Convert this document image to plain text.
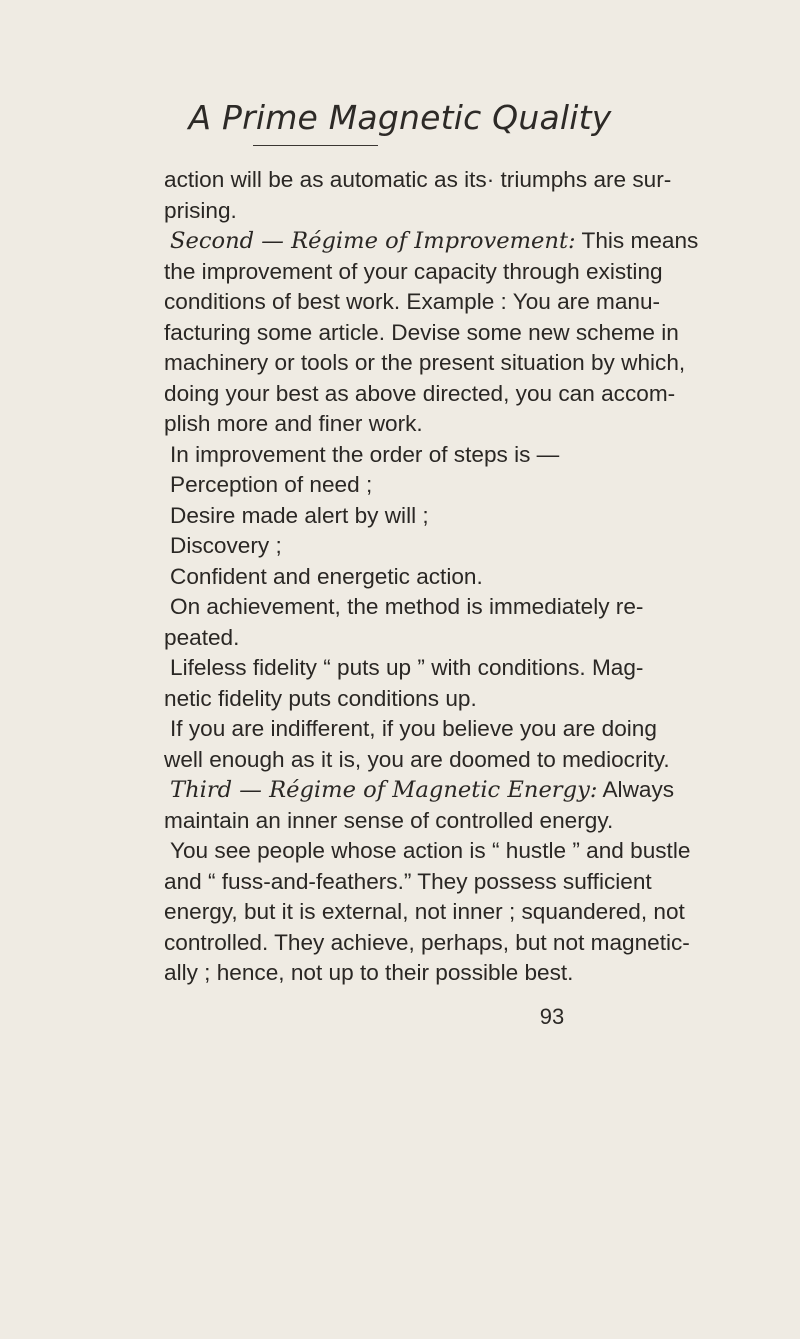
A Prime Magnetic Quality
action will be as automatic as its· triumphs are sur-
prising.
Second — Régime of Improvement: This means
the improvement of your capacity through existing
conditions of best work. Example : You are manu-
facturing some article. Devise some new scheme in
machinery or tools or the present situation by which,
doing your best as above directed, you can accom-
plish more and finer work.
In improvement the order of steps is —
Perception of need ;
Desire made alert by will ;
Discovery ;
Confident and energetic action.
On achievement, the method is immediately re-
peated.
Lifeless fidelity “ puts up ” with conditions. Mag-
netic fidelity puts conditions up.
If you are indifferent, if you believe you are doing
well enough as it is, you are doomed to mediocrity.
Third — Régime of Magnetic Energy: Always
maintain an inner sense of controlled energy.
You see people whose action is “ hustle ” and bustle
and “ fuss-and-feathers.” They possess sufficient
energy, but it is external, not inner ; squandered, not
controlled. They achieve, perhaps, but not magnetic-
ally ; hence, not up to their possible best.
93
